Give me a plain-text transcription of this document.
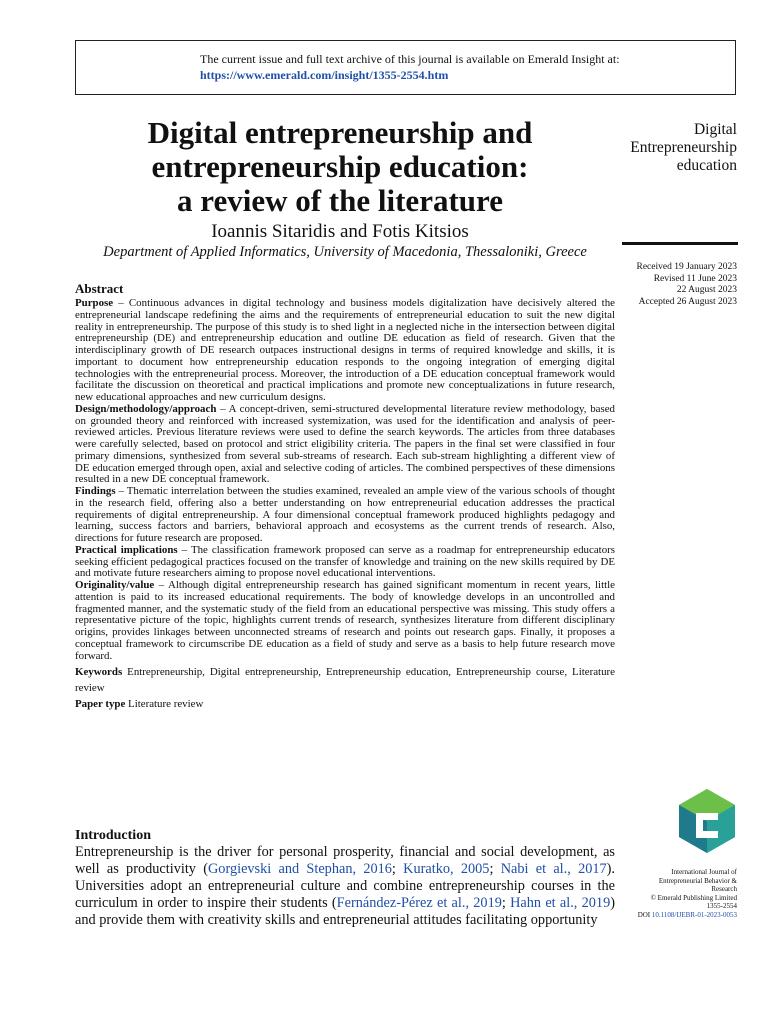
The current issue and full text archive of this journal is available on Emerald Insight at:
https://www.emerald.com/insight/1355-2554.htm
Digital entrepreneurship and
entrepreneurship education:
a review of the literature
Ioannis Sitaridis and Fotis Kitsios
Department of Applied Informatics, University of Macedonia, Thessaloniki, Greece
Digital
Entrepreneurship
education
Received 19 January 2023
Revised 11 June 2023
22 August 2023
Accepted 26 August 2023
Abstract

Purpose – Continuous advances in digital technology and business models digitalization have decisively altered the entrepreneurial landscape redefining the aims and the requirements of entrepreneurial education to suit the new digital reality in entrepreneurship. The purpose of this study is to shed light in a neglected niche in the intersection between digital entrepreneurship (DE) and entrepreneurship education and outline DE education as field of research. Given that the interdisciplinary growth of DE research outpaces instructional designs in terms of required knowledge and skills, it is important to document how entrepreneurship education responds to the ongoing integration of emerging digital technologies with the entrepreneurial process. Moreover, the introduction of a DE education conceptual framework would facilitate the discussion on theoretical and practical implications and promote new conceptualizations in future research, new educational approaches and new curriculum designs.

Design/methodology/approach – A concept-driven, semi-structured developmental literature review methodology, based on grounded theory and reinforced with increased systemization, was used for the identification and analysis of peer-reviewed articles. Previous literature reviews were used to define the search keywords. The articles from three databases were carefully selected, based on protocol and strict eligibility criteria. The papers in the final set were classified in four primary dimensions, synthesized from several sub-streams of research. Each sub-stream highlighting a different view of DE education emerged through open, axial and selective coding of articles. The combined perspectives of these dimensions resulted in a new DE conceptual framework.

Findings – Thematic interrelation between the studies examined, revealed an ample view of the various schools of thought in the research field, offering also a better understanding on how entrepreneurial education addresses the practical requirements of digital entrepreneurship. A four dimensional conceptual framework produced highlights pedagogy and learning, success factors and barriers, behavioral approach and ecosystems as the current trends of research. Also, directions for future research are proposed.

Practical implications – The classification framework proposed can serve as a roadmap for entrepreneurship educators seeking efficient pedagogical practices focused on the transfer of knowledge and training on the new skills required by DE and motivate future researchers aiming to propose novel educational interventions.

Originality/value – Although digital entrepreneurship research has gained significant momentum in recent years, little attention is paid to its increased educational requirements. The body of knowledge develops in an uncontrolled and fragmented manner, and the systematic study of the field from an educational perspective was missing. This study offers a representative picture of the topic, highlights current trends of research, synthesizes literature from different disciplinary origins, provides linkages between unconnected streams of research and points out research gaps. Finally, it proposes a conceptual framework to circumscribe DE education as a field of study and serve as a basis to help future research move forward.

Keywords Entrepreneurship, Digital entrepreneurship, Entrepreneurship education, Entrepreneurship course, Literature review

Paper type Literature review

Introduction

Entrepreneurship is the driver for personal prosperity, financial and social development, as well as productivity (Gorgievski and Stephan, 2016; Kuratko, 2005; Nabi et al., 2017). Universities adopt an entrepreneurial culture and combine entrepreneurship courses in the curriculum in order to inspire their students (Fernández-Pérez et al., 2019; Hahn et al., 2019) and provide them with creativity skills and entrepreneurial attitudes facilitating opportunity

International Journal of
Entrepreneurial Behavior &
Research
© Emerald Publishing Limited
1355-2554
DOI 10.1108/IJEBR-01-2023-0053
